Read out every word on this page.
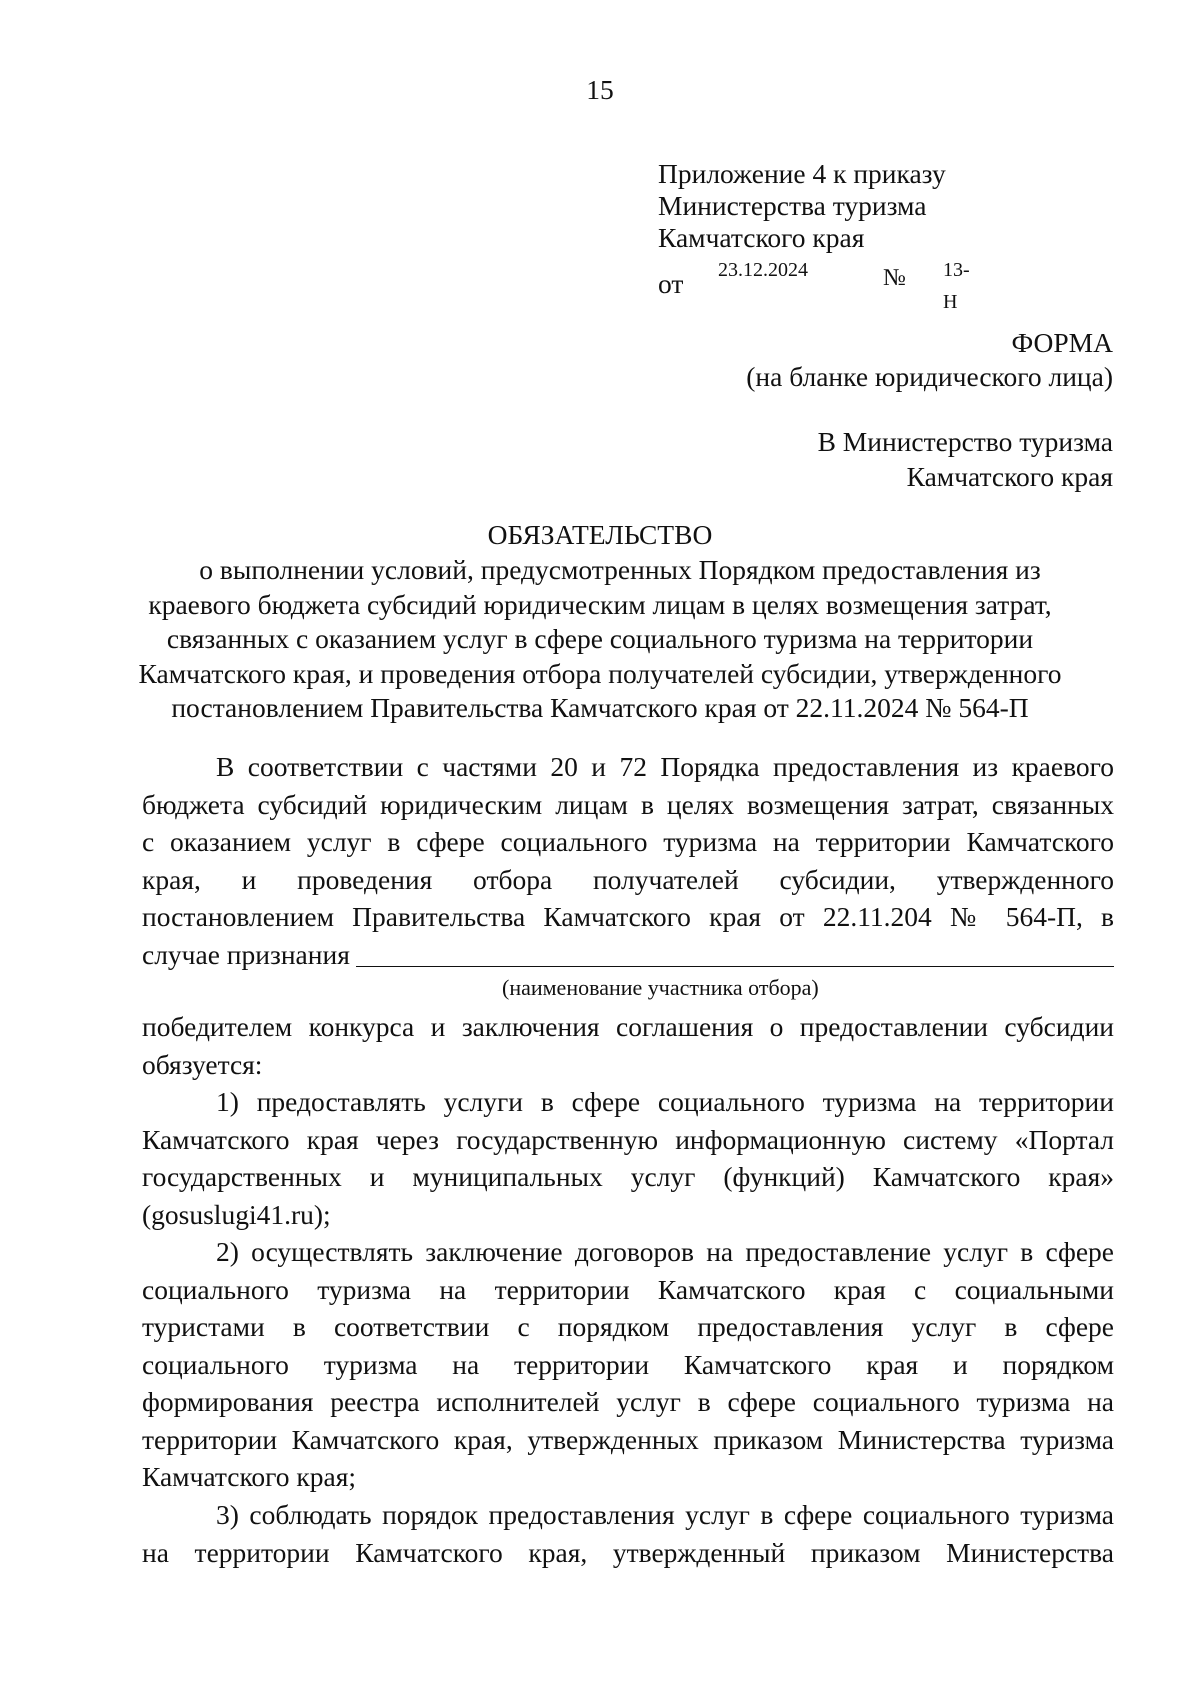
15
Приложение 4 к приказу
Министерства туризма
Камчатского края
от 23.12.2024	№ 13-Н
ФОРМА
(на бланке юридического лица)
В Министерство туризма
Камчатского края
ОБЯЗАТЕЛЬСТВО
о выполнении условий, предусмотренных Порядком предоставления из
краевого бюджета субсидий юридическим лицам в целях возмещения затрат,
связанных с оказанием услуг в сфере социального туризма на территории
Камчатского края, и проведения отбора получателей субсидии, утвержденного
постановлением Правительства Камчатского края от 22.11.2024 № 564-П
В соответствии с частями 20 и 72 Порядка предоставления из краевого
бюджета субсидий юридическим лицам в целях возмещения затрат, связанных
с оказанием услуг в сфере социального туризма на территории Камчатского
края, и проведения отбора получателей субсидии, утвержденного
постановлением Правительства Камчатского края от 22.11.204 № 564-П, в
случае признания
(наименование участника отбора)
победителем конкурса и заключения соглашения о предоставлении субсидии
обязуется:
1) предоставлять услуги в сфере социального туризма на территории
Камчатского края через государственную информационную систему «Портал
государственных и муниципальных услуг (функций) Камчатского края»
(gosuslugi41.ru);
2) осуществлять заключение договоров на предоставление услуг в сфере
социального туризма на территории Камчатского края с социальными
туристами в соответствии с порядком предоставления услуг в сфере
социального туризма на территории Камчатского края и порядком
формирования реестра исполнителей услуг в сфере социального туризма на
территории Камчатского края, утвержденных приказом Министерства туризма
Камчатского края;
3) соблюдать порядок предоставления услуг в сфере социального туризма
на территории Камчатского края, утвержденный приказом Министерства
